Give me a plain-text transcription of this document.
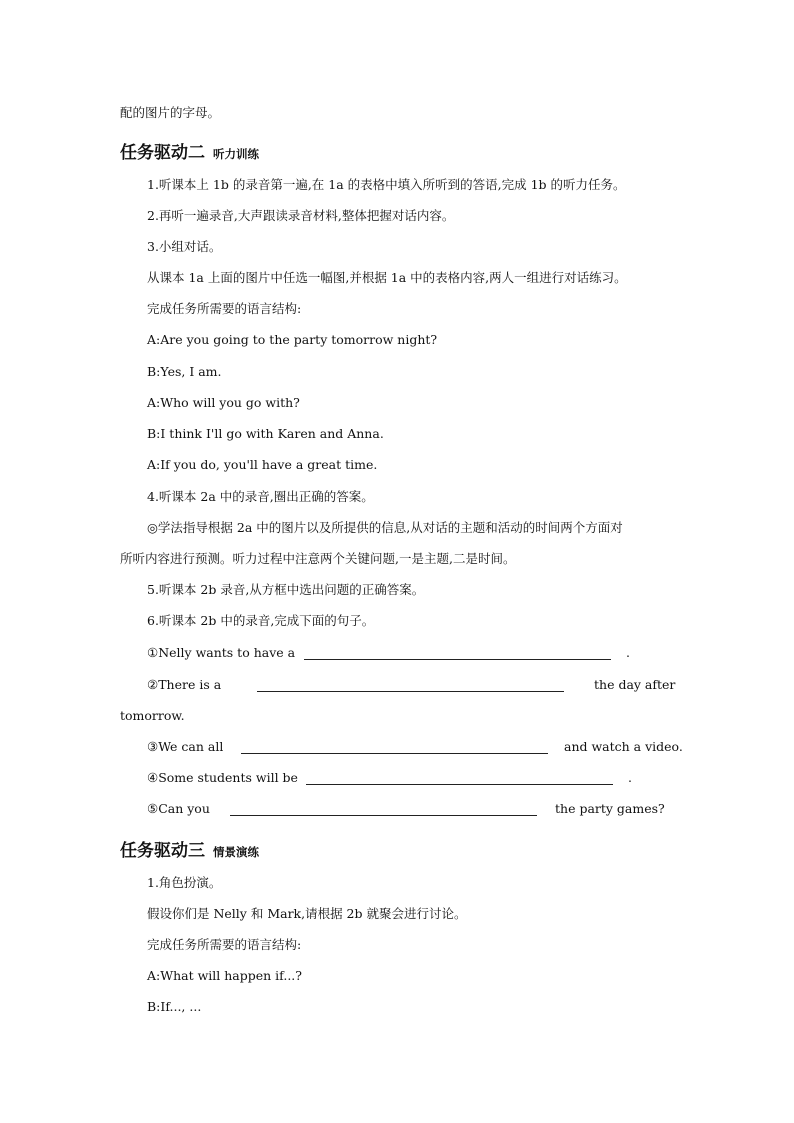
配的图片的字母。
任务驱动二 听力训练
1.听课本上 1b 的录音第一遍,在 1a 的表格中填入所听到的答语,完成 1b 的听力任务。
2.再听一遍录音,大声跟读录音材料,整体把握对话内容。
3.小组对话。
从课本 1a 上面的图片中任选一幅图,并根据 1a 中的表格内容,两人一组进行对话练习。
完成任务所需要的语言结构:
A:Are you going to the party tomorrow night?
B:Yes, I am.
A:Who will you go with?
B:I think I'll go with Karen and Anna.
A:If you do, you'll have a great time.
4.听课本 2a 中的录音,圈出正确的答案。
◎学法指导根据 2a 中的图片以及所提供的信息,从对话的主题和活动的时间两个方面对
所听内容进行预测。听力过程中注意两个关键问题,一是主题,二是时间。
5.听课本 2b 录音,从方框中选出问题的正确答案。
6.听课本 2b 中的录音,完成下面的句子。
①Nelly wants to have a	.
②There is a	the day after
tomorrow.
③We can all	and watch a video.
④Some students will be	.
⑤Can you	the party games?
任务驱动三 情景演练
1.角色扮演。
假设你们是 Nelly 和 Mark,请根据 2b 就聚会进行讨论。
完成任务所需要的语言结构:
A:What will happen if...?
B:If..., ...
